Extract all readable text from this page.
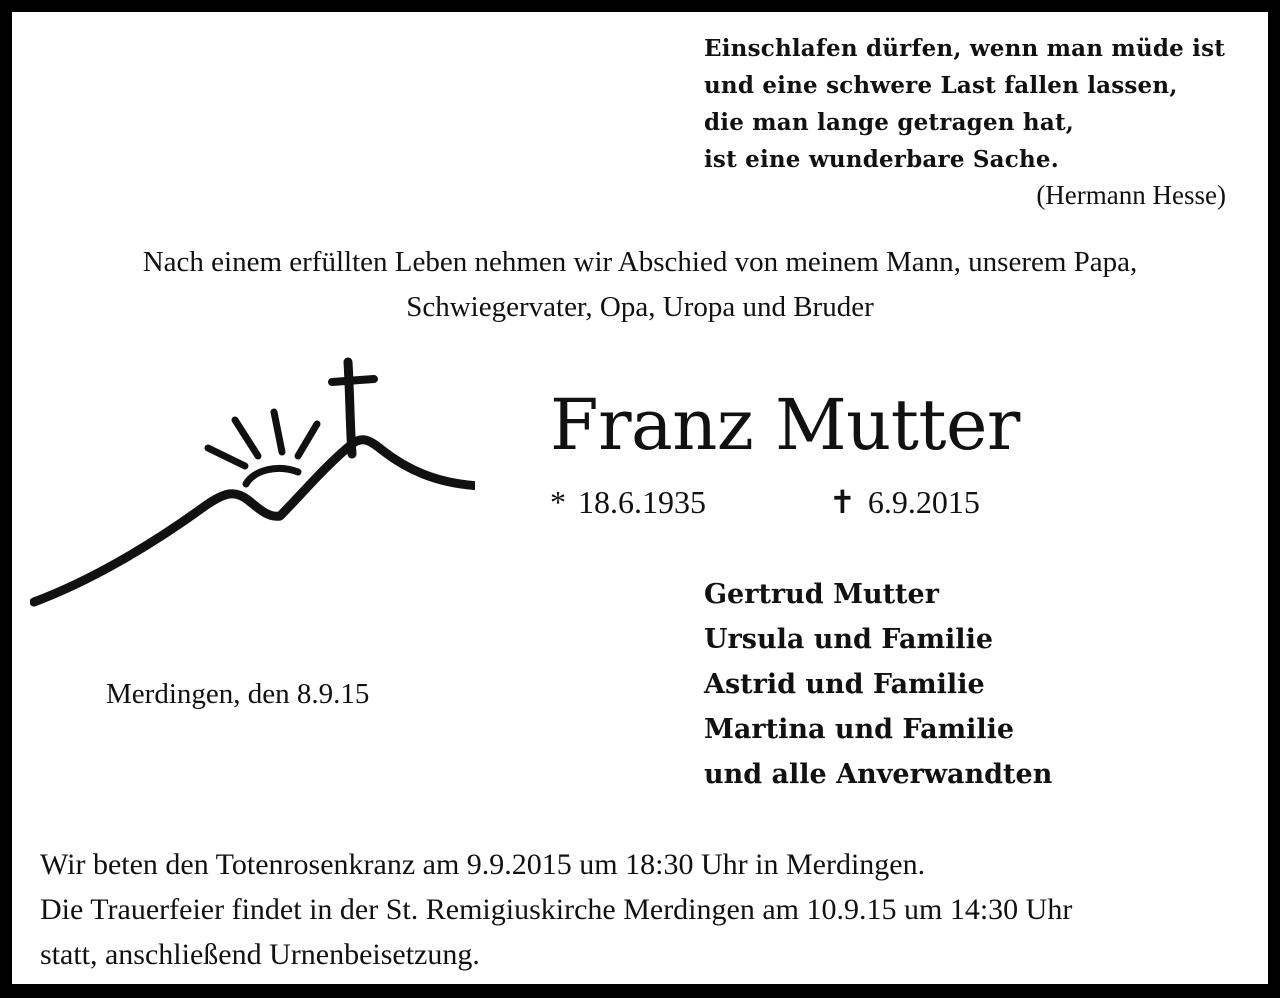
Einschlafen dürfen, wenn man müde ist
und eine schwere Last fallen lassen,
die man lange getragen hat,
ist eine wunderbare Sache.
(Hermann Hesse)
Nach einem erfüllten Leben nehmen wir Abschied von meinem Mann, unserem Papa,
Schwiegervater, Opa, Uropa und Bruder
Franz Mutter
* 18.6.1935	✝ 6.9.2015
Merdingen, den 8.9.15
Gertrud Mutter
Ursula und Familie
Astrid und Familie
Martina und Familie
und alle Anverwandten
Wir beten den Totenrosenkranz am 9.9.2015 um 18:30 Uhr in Merdingen.
Die Trauerfeier findet in der St. Remigiuskirche Merdingen am 10.9.15 um 14:30 Uhr
statt, anschließend Urnenbeisetzung.
